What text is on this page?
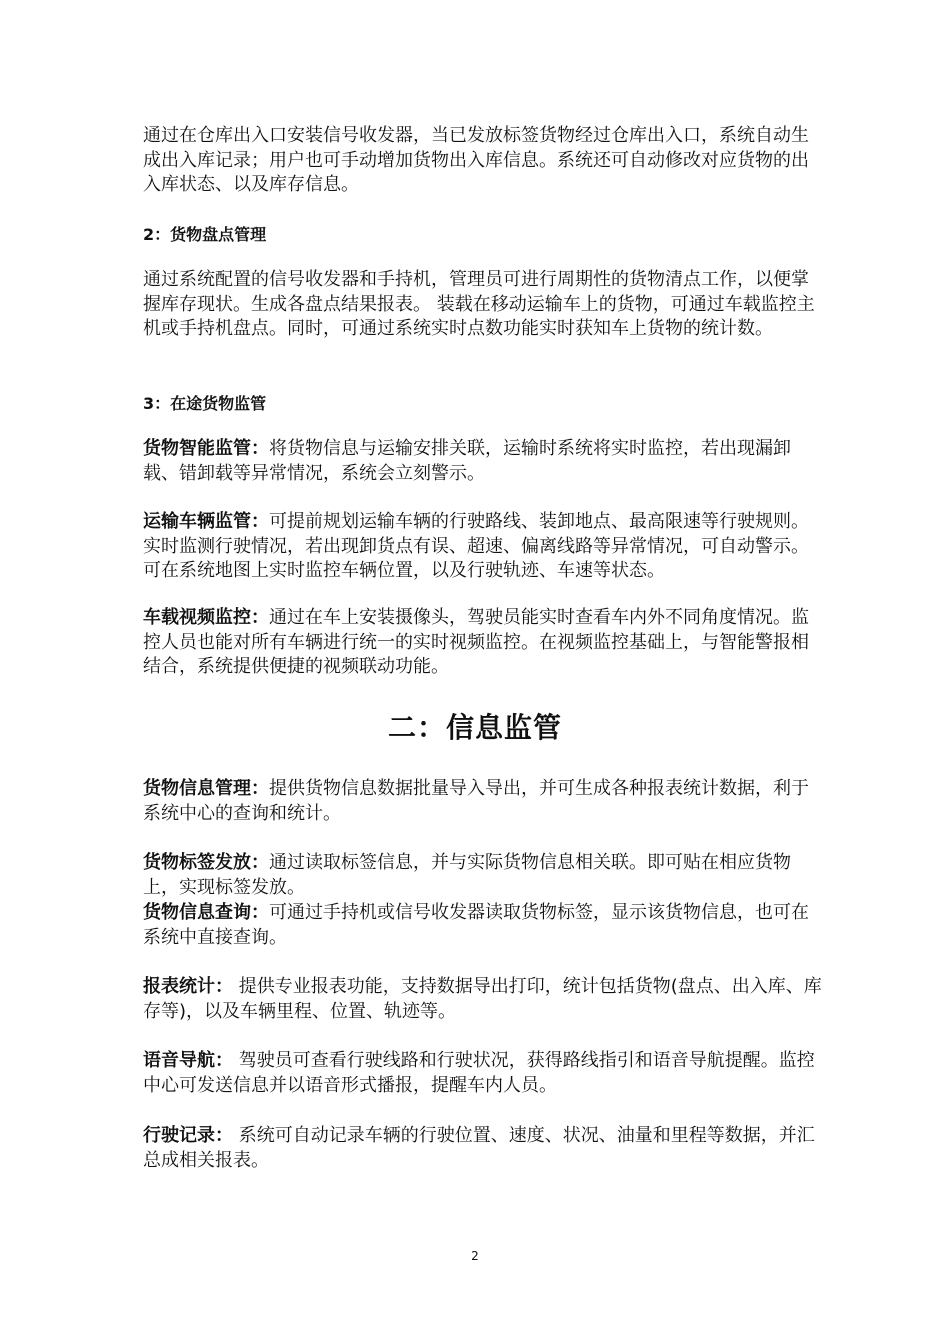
通过在仓库出入口安装信号收发器，当已发放标签货物经过仓库出入口，系统自动生成出入库记录；用户也可手动增加货物出入库信息。系统还可自动修改对应货物的出入库状态、以及库存信息。
2：货物盘点管理
通过系统配置的信号收发器和手持机，管理员可进行周期性的货物清点工作，以便掌握库存现状。生成各盘点结果报表。 装载在移动运输车上的货物，可通过车载监控主机或手持机盘点。同时，可通过系统实时点数功能实时获知车上货物的统计数。
3：在途货物监管
货物智能监管：将货物信息与运输安排关联，运输时系统将实时监控，若出现漏卸载、错卸载等异常情况，系统会立刻警示。
运输车辆监管：可提前规划运输车辆的行驶路线、装卸地点、最高限速等行驶规则。实时监测行驶情况，若出现卸货点有误、超速、偏离线路等异常情况，可自动警示。可在系统地图上实时监控车辆位置，以及行驶轨迹、车速等状态。
车载视频监控：通过在车上安装摄像头，驾驶员能实时查看车内外不同角度情况。监控人员也能对所有车辆进行统一的实时视频监控。在视频监控基础上，与智能警报相结合，系统提供便捷的视频联动功能。
二：信息监管
货物信息管理：提供货物信息数据批量导入导出，并可生成各种报表统计数据，利于系统中心的查询和统计。
货物标签发放：通过读取标签信息，并与实际货物信息相关联。即可贴在相应货物上，实现标签发放。
货物信息查询：可通过手持机或信号收发器读取货物标签，显示该货物信息，也可在系统中直接查询。
报表统计： 提供专业报表功能，支持数据导出打印，统计包括货物(盘点、出入库、库存等)，以及车辆里程、位置、轨迹等。
语音导航： 驾驶员可查看行驶线路和行驶状况，获得路线指引和语音导航提醒。监控中心可发送信息并以语音形式播报，提醒车内人员。
行驶记录： 系统可自动记录车辆的行驶位置、速度、状况、油量和里程等数据，并汇总成相关报表。
2
